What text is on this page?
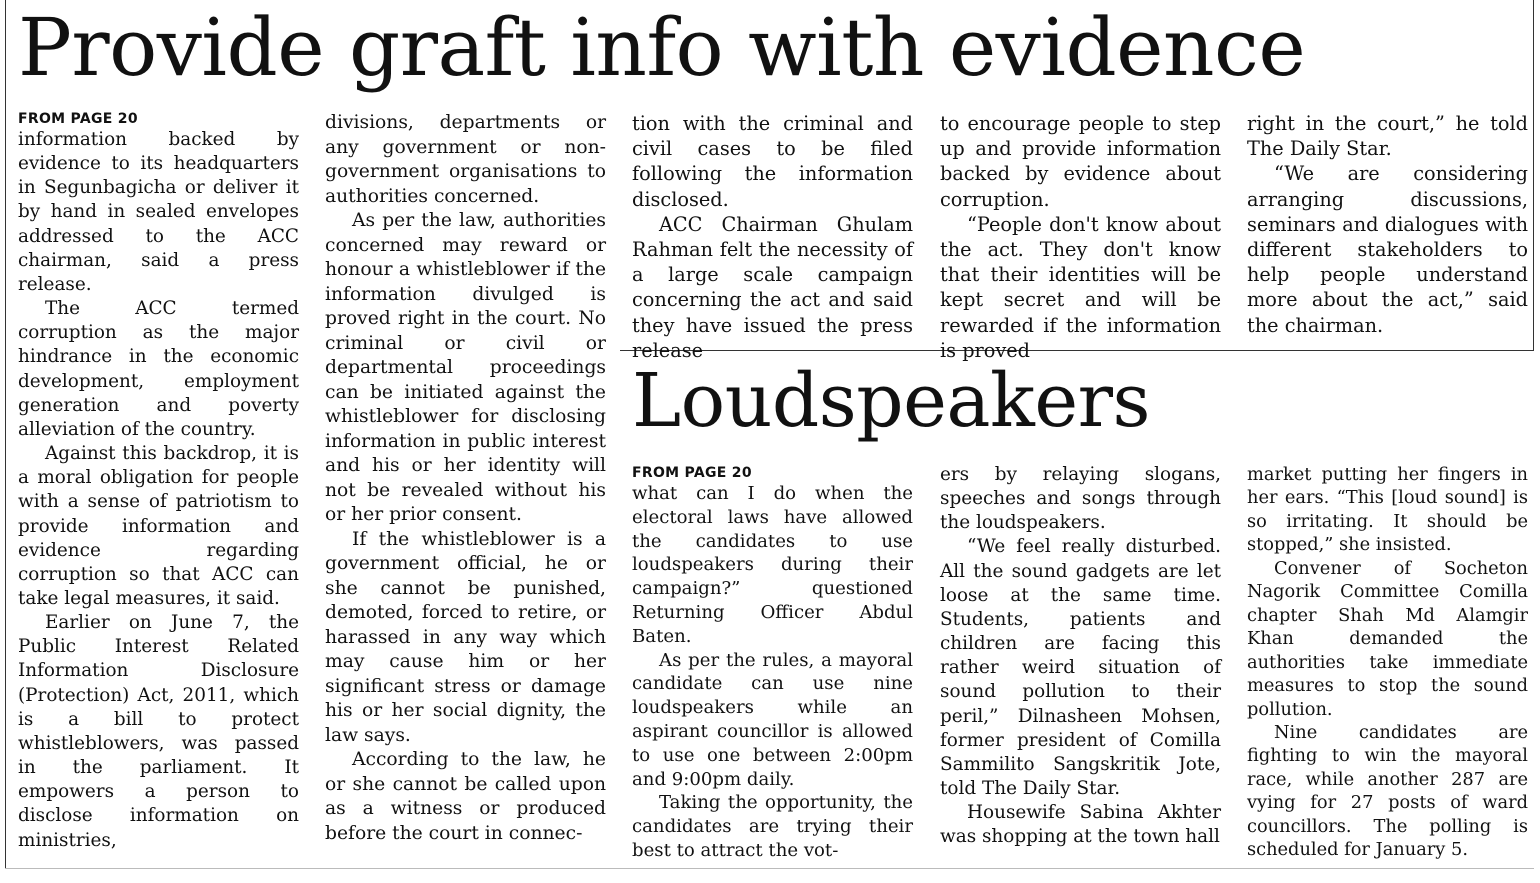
Provide graft info with evidence
FROM PAGE 20

information backed by evidence to its headquarters in Segunbagicha or deliver it by hand in sealed envelopes addressed to the ACC chairman, said a press release.

The ACC termed corruption as the major hindrance in the economic development, employment generation and poverty alleviation of the country.

Against this backdrop, it is a moral obligation for people with a sense of patriotism to provide information and evidence regarding corruption so that ACC can take legal measures, it said.

Earlier on June 7, the Public Interest Related Information Disclosure (Protection) Act, 2011, which is a bill to protect whistleblowers, was passed in the parliament. It empowers a person to disclose information on ministries,

divisions, departments or any government or non-government organisations to authorities concerned.

As per the law, authorities concerned may reward or honour a whistleblower if the information divulged is proved right in the court. No criminal or civil or departmental proceedings can be initiated against the whistleblower for disclosing information in public interest and his or her identity will not be revealed without his or her prior consent.

If the whistleblower is a government official, he or she cannot be punished, demoted, forced to retire, or harassed in any way which may cause him or her significant stress or damage his or her social dignity, the law says.

According to the law, he or she cannot be called upon as a witness or produced before the court in connec-

tion with the criminal and civil cases to be filed following the information disclosed.

ACC Chairman Ghulam Rahman felt the necessity of a large scale campaign concerning the act and said they have issued the press release

to encourage people to step up and provide information backed by evidence about corruption.

“People don't know about the act. They don't know that their identities will be kept secret and will be rewarded if the information is proved

right in the court,” he told The Daily Star.

“We are considering arranging discussions, seminars and dialogues with different stakeholders to help people understand more about the act,” said the chairman.

Loudspeakers
FROM PAGE 20

what can I do when the electoral laws have allowed the candidates to use loudspeakers during their campaign?” questioned Returning Officer Abdul Baten.

As per the rules, a mayoral candidate can use nine loudspeakers while an aspirant councillor is allowed to use one between 2:00pm and 9:00pm daily.

Taking the opportunity, the candidates are trying their best to attract the vot-

ers by relaying slogans, speeches and songs through the loudspeakers.

“We feel really disturbed. All the sound gadgets are let loose at the same time. Students, patients and children are facing this rather weird situation of sound pollution to their peril,” Dilnasheen Mohsen, former president of Comilla Sammilito Sangskritik Jote, told The Daily Star.

Housewife Sabina Akhter was shopping at the town hall

market putting her fingers in her ears. “This [loud sound] is so irritating. It should be stopped,” she insisted.

Convener of Socheton Nagorik Committee Comilla chapter Shah Md Alamgir Khan demanded the authorities take immediate measures to stop the sound pollution.

Nine candidates are fighting to win the mayoral race, while another 287 are vying for 27 posts of ward councillors. The polling is scheduled for January 5.
